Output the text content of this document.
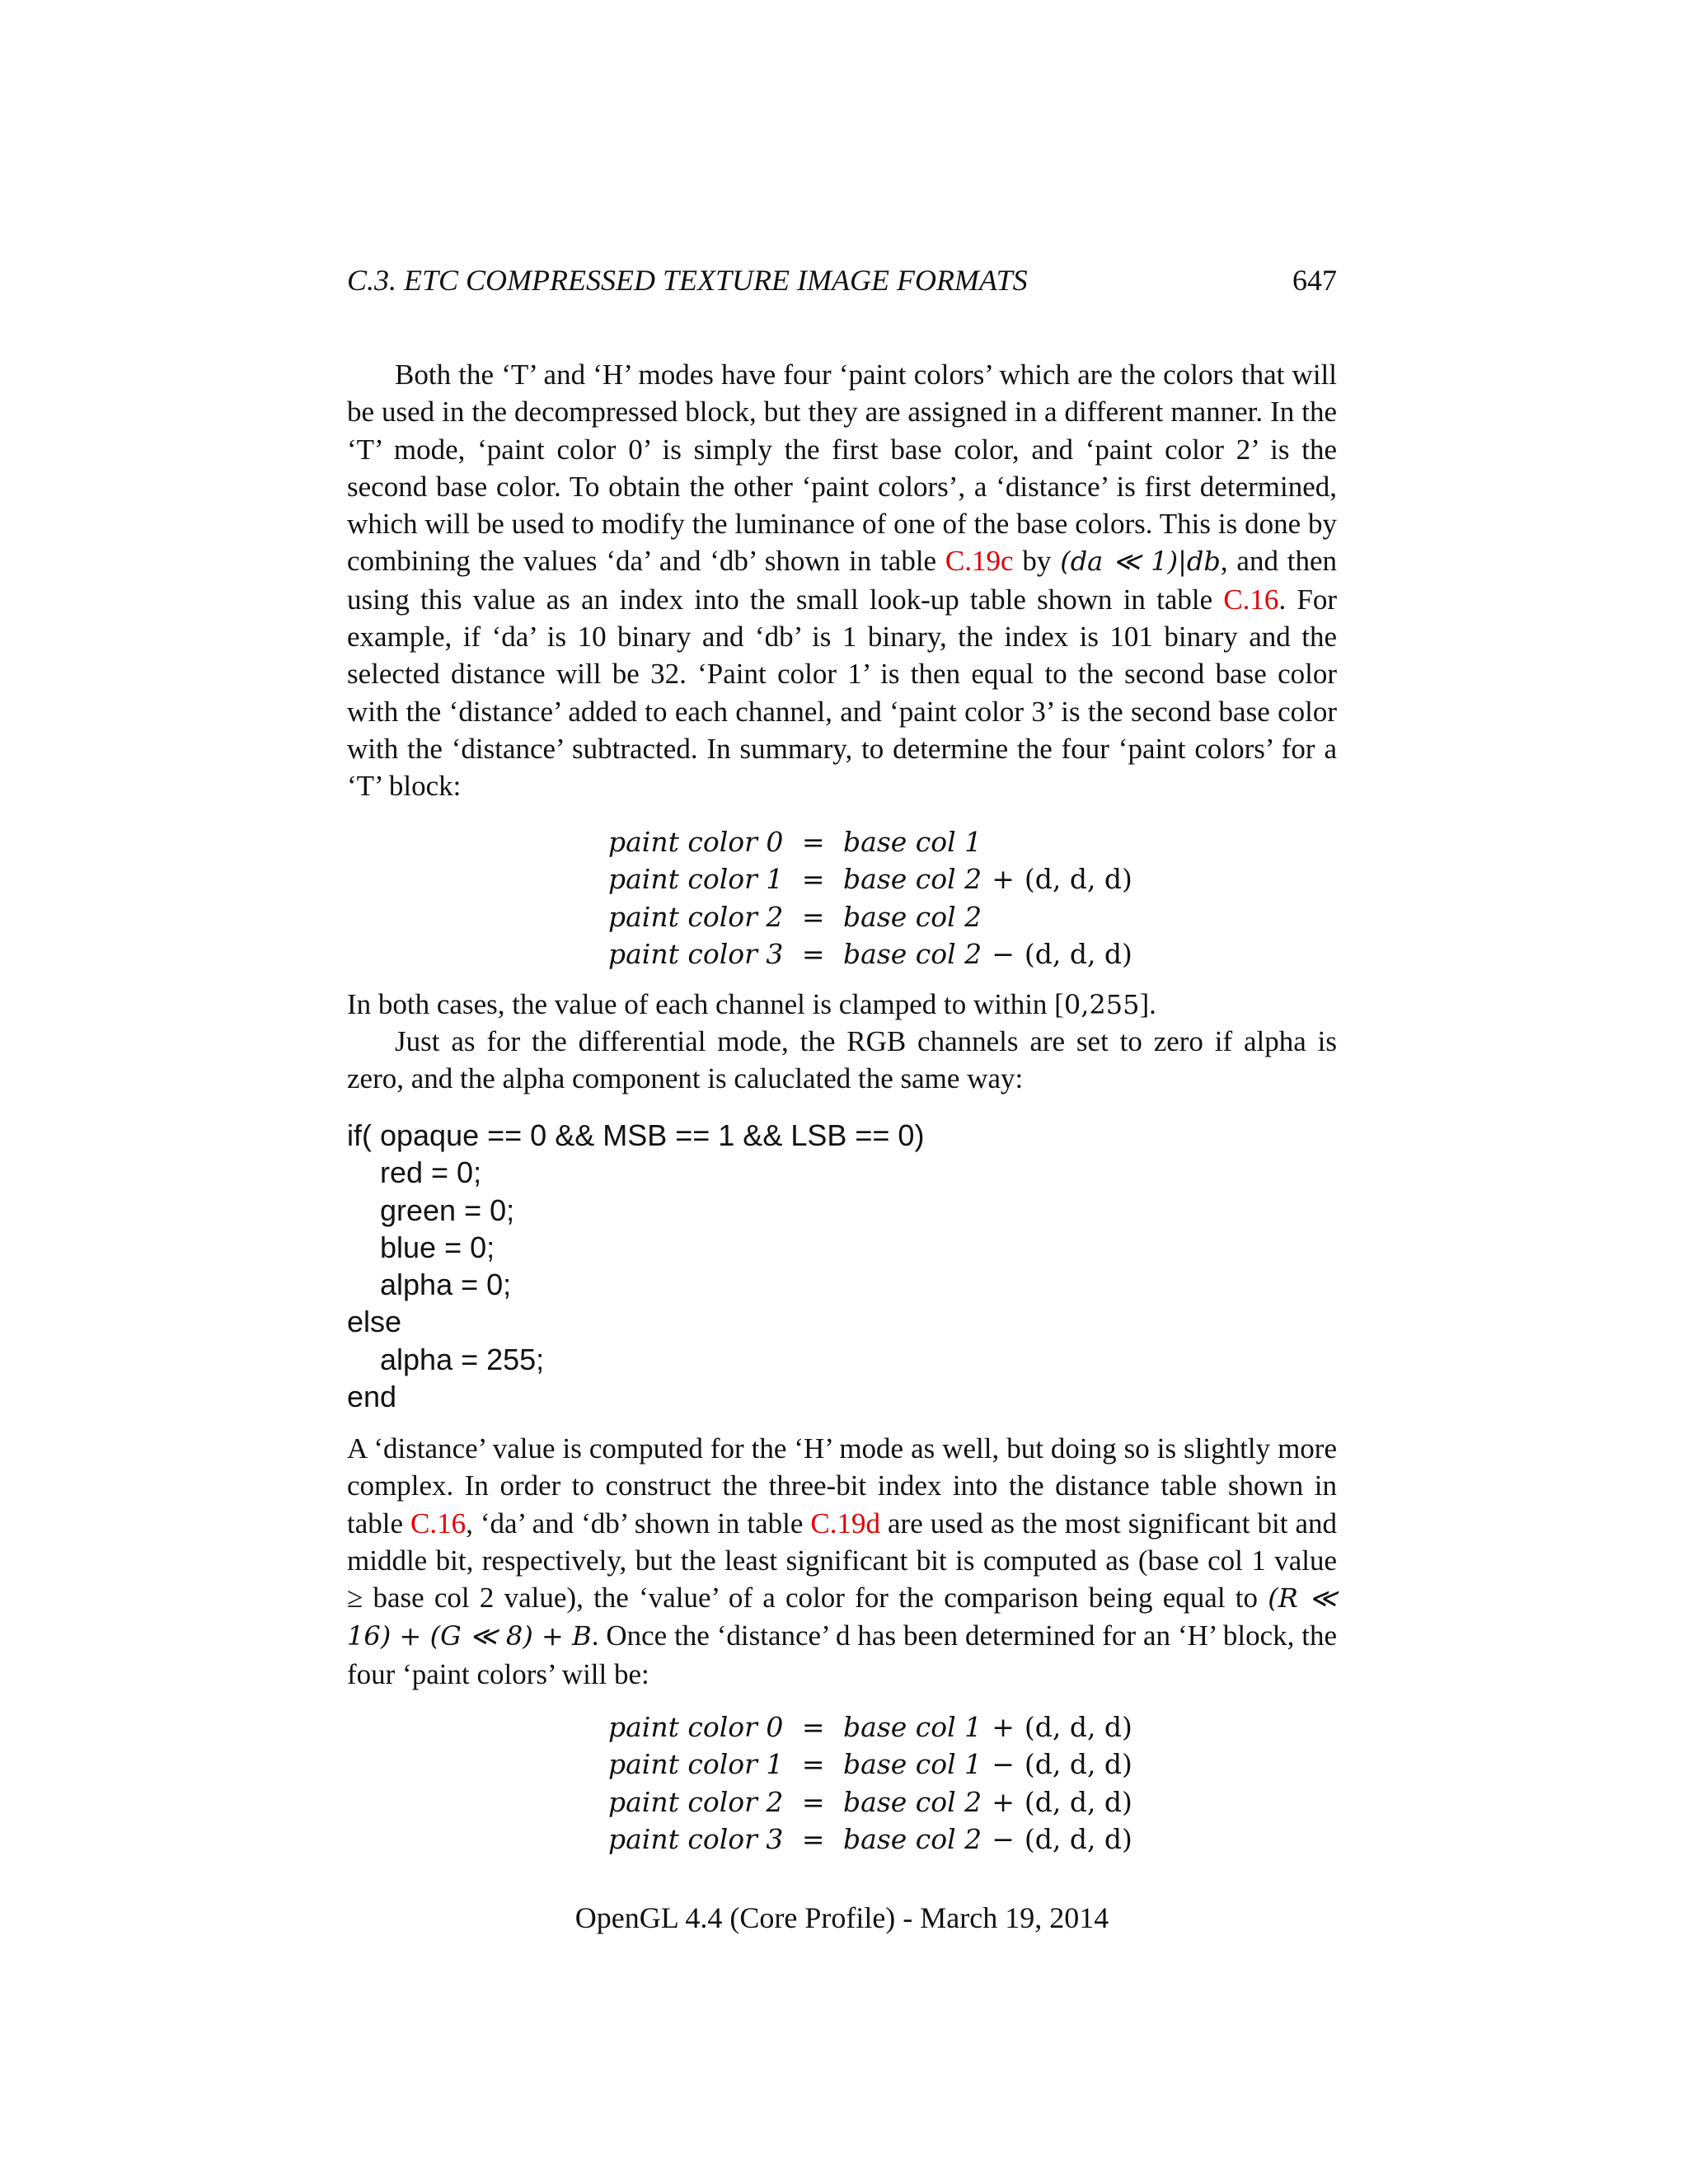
C.3. ETC COMPRESSED TEXTURE IMAGE FORMATS	647

Both the ‘T’ and ‘H’ modes have four ‘paint colors’ which are the colors that will be used in the decompressed block, but they are assigned in a different manner. In the ‘T’ mode, ‘paint color 0’ is simply the first base color, and ‘paint color 2’ is the second base color. To obtain the other ‘paint colors’, a ‘distance’ is first determined, which will be used to modify the luminance of one of the base colors. This is done by combining the values ‘da’ and ‘db’ shown in table C.19c by (da ≪ 1)|db, and then using this value as an index into the small look-up table shown in table C.16. For example, if ‘da’ is 10 binary and ‘db’ is 1 binary, the index is 101 binary and the selected distance will be 32. ‘Paint color 1’ is then equal to the second base color with the ‘distance’ added to each channel, and ‘paint color 3’ is the second base color with the ‘distance’ subtracted. In summary, to determine the four ‘paint colors’ for a ‘T’ block:

paint color 0 = base col 1
paint color 1 = base col 2 + (d, d, d)
paint color 2 = base col 2
paint color 3 = base col 2 − (d, d, d)

In both cases, the value of each channel is clamped to within [0,255].

Just as for the differential mode, the RGB channels are set to zero if alpha is zero, and the alpha component is caluclated the same way:

if( opaque == 0 && MSB == 1 && LSB == 0)
red = 0;
green = 0;
blue = 0;
alpha = 0;
else
alpha = 255;
end

A ‘distance’ value is computed for the ‘H’ mode as well, but doing so is slightly more complex. In order to construct the three-bit index into the distance table shown in table C.16, ‘da’ and ‘db’ shown in table C.19d are used as the most significant bit and middle bit, respectively, but the least significant bit is computed as (base col 1 value ≥ base col 2 value), the ‘value’ of a color for the comparison being equal to (R ≪ 16) + (G ≪ 8) + B. Once the ‘distance’ d has been determined for an ‘H’ block, the four ‘paint colors’ will be:

paint color 0 = base col 1 + (d, d, d)
paint color 1 = base col 1 − (d, d, d)
paint color 2 = base col 2 + (d, d, d)
paint color 3 = base col 2 − (d, d, d)
OpenGL 4.4 (Core Profile) - March 19, 2014
